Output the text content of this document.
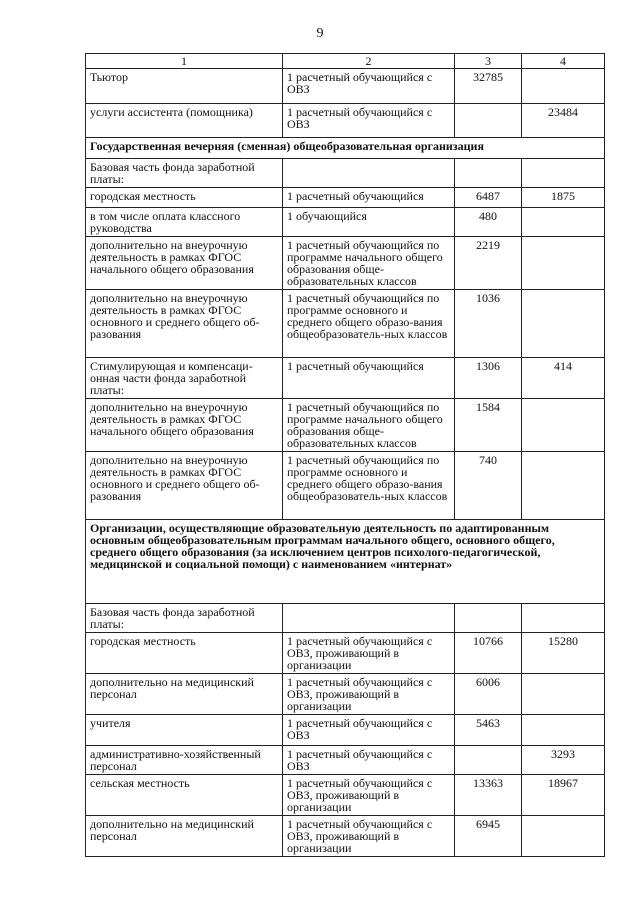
9
1	2	3	4
Тьютор	1 расчетный обучающийся с ОВЗ	32785	
услуги ассистента (помощника)	1 расчетный обучающийся с ОВЗ		23484
Государственная вечерняя (сменная) общеобразовательная организация			
Базовая часть фонда заработной платы:			
городская местность	1 расчетный обучающийся	6487	1875
в том числе оплата классного руководства	1 обучающийся	480	
дополнительно на внеурочную деятельность в рамках ФГОС начального общего образования	1 расчетный обучающийся по программе начального общего образования обще-образовательных классов	2219	
дополнительно на внеурочную деятельность в рамках ФГОС основного и среднего общего об-разования	1 расчетный обучающийся по программе основного и среднего общего образо-вания общеобразователь-ных классов	1036	
Стимулирующая и компенсаци-онная части фонда заработной платы:	1 расчетный обучающийся	1306	414
дополнительно на внеурочную деятельность в рамках ФГОС начального общего образования	1 расчетный обучающийся по программе начального общего образования обще-образовательных классов	1584	
дополнительно на внеурочную деятельность в рамках ФГОС основного и среднего общего об-разования	1 расчетный обучающийся по программе основного и среднего общего образо-вания общеобразователь-ных классов	740	
Организации, осуществляющие образовательную деятельность по адаптированным основным общеобразовательным программам начального общего, основного общего, среднего общего образования (за исключением центров психолого-педагогической, медицинской и социальной помощи) с наименованием «интернат»			
Базовая часть фонда заработной платы:			
городская местность	1 расчетный обучающийся с ОВЗ, проживающий в организации	10766	15280
дополнительно на медицинский персонал	1 расчетный обучающийся с ОВЗ, проживающий в организации	6006	
учителя	1 расчетный обучающийся с ОВЗ	5463	
административно-хозяйственный персонал	1 расчетный обучающийся с ОВЗ		3293
сельская местность	1 расчетный обучающийся с ОВЗ, проживающий в организации	13363	18967
дополнительно на медицинский персонал	1 расчетный обучающийся с ОВЗ, проживающий в организации	6945	
